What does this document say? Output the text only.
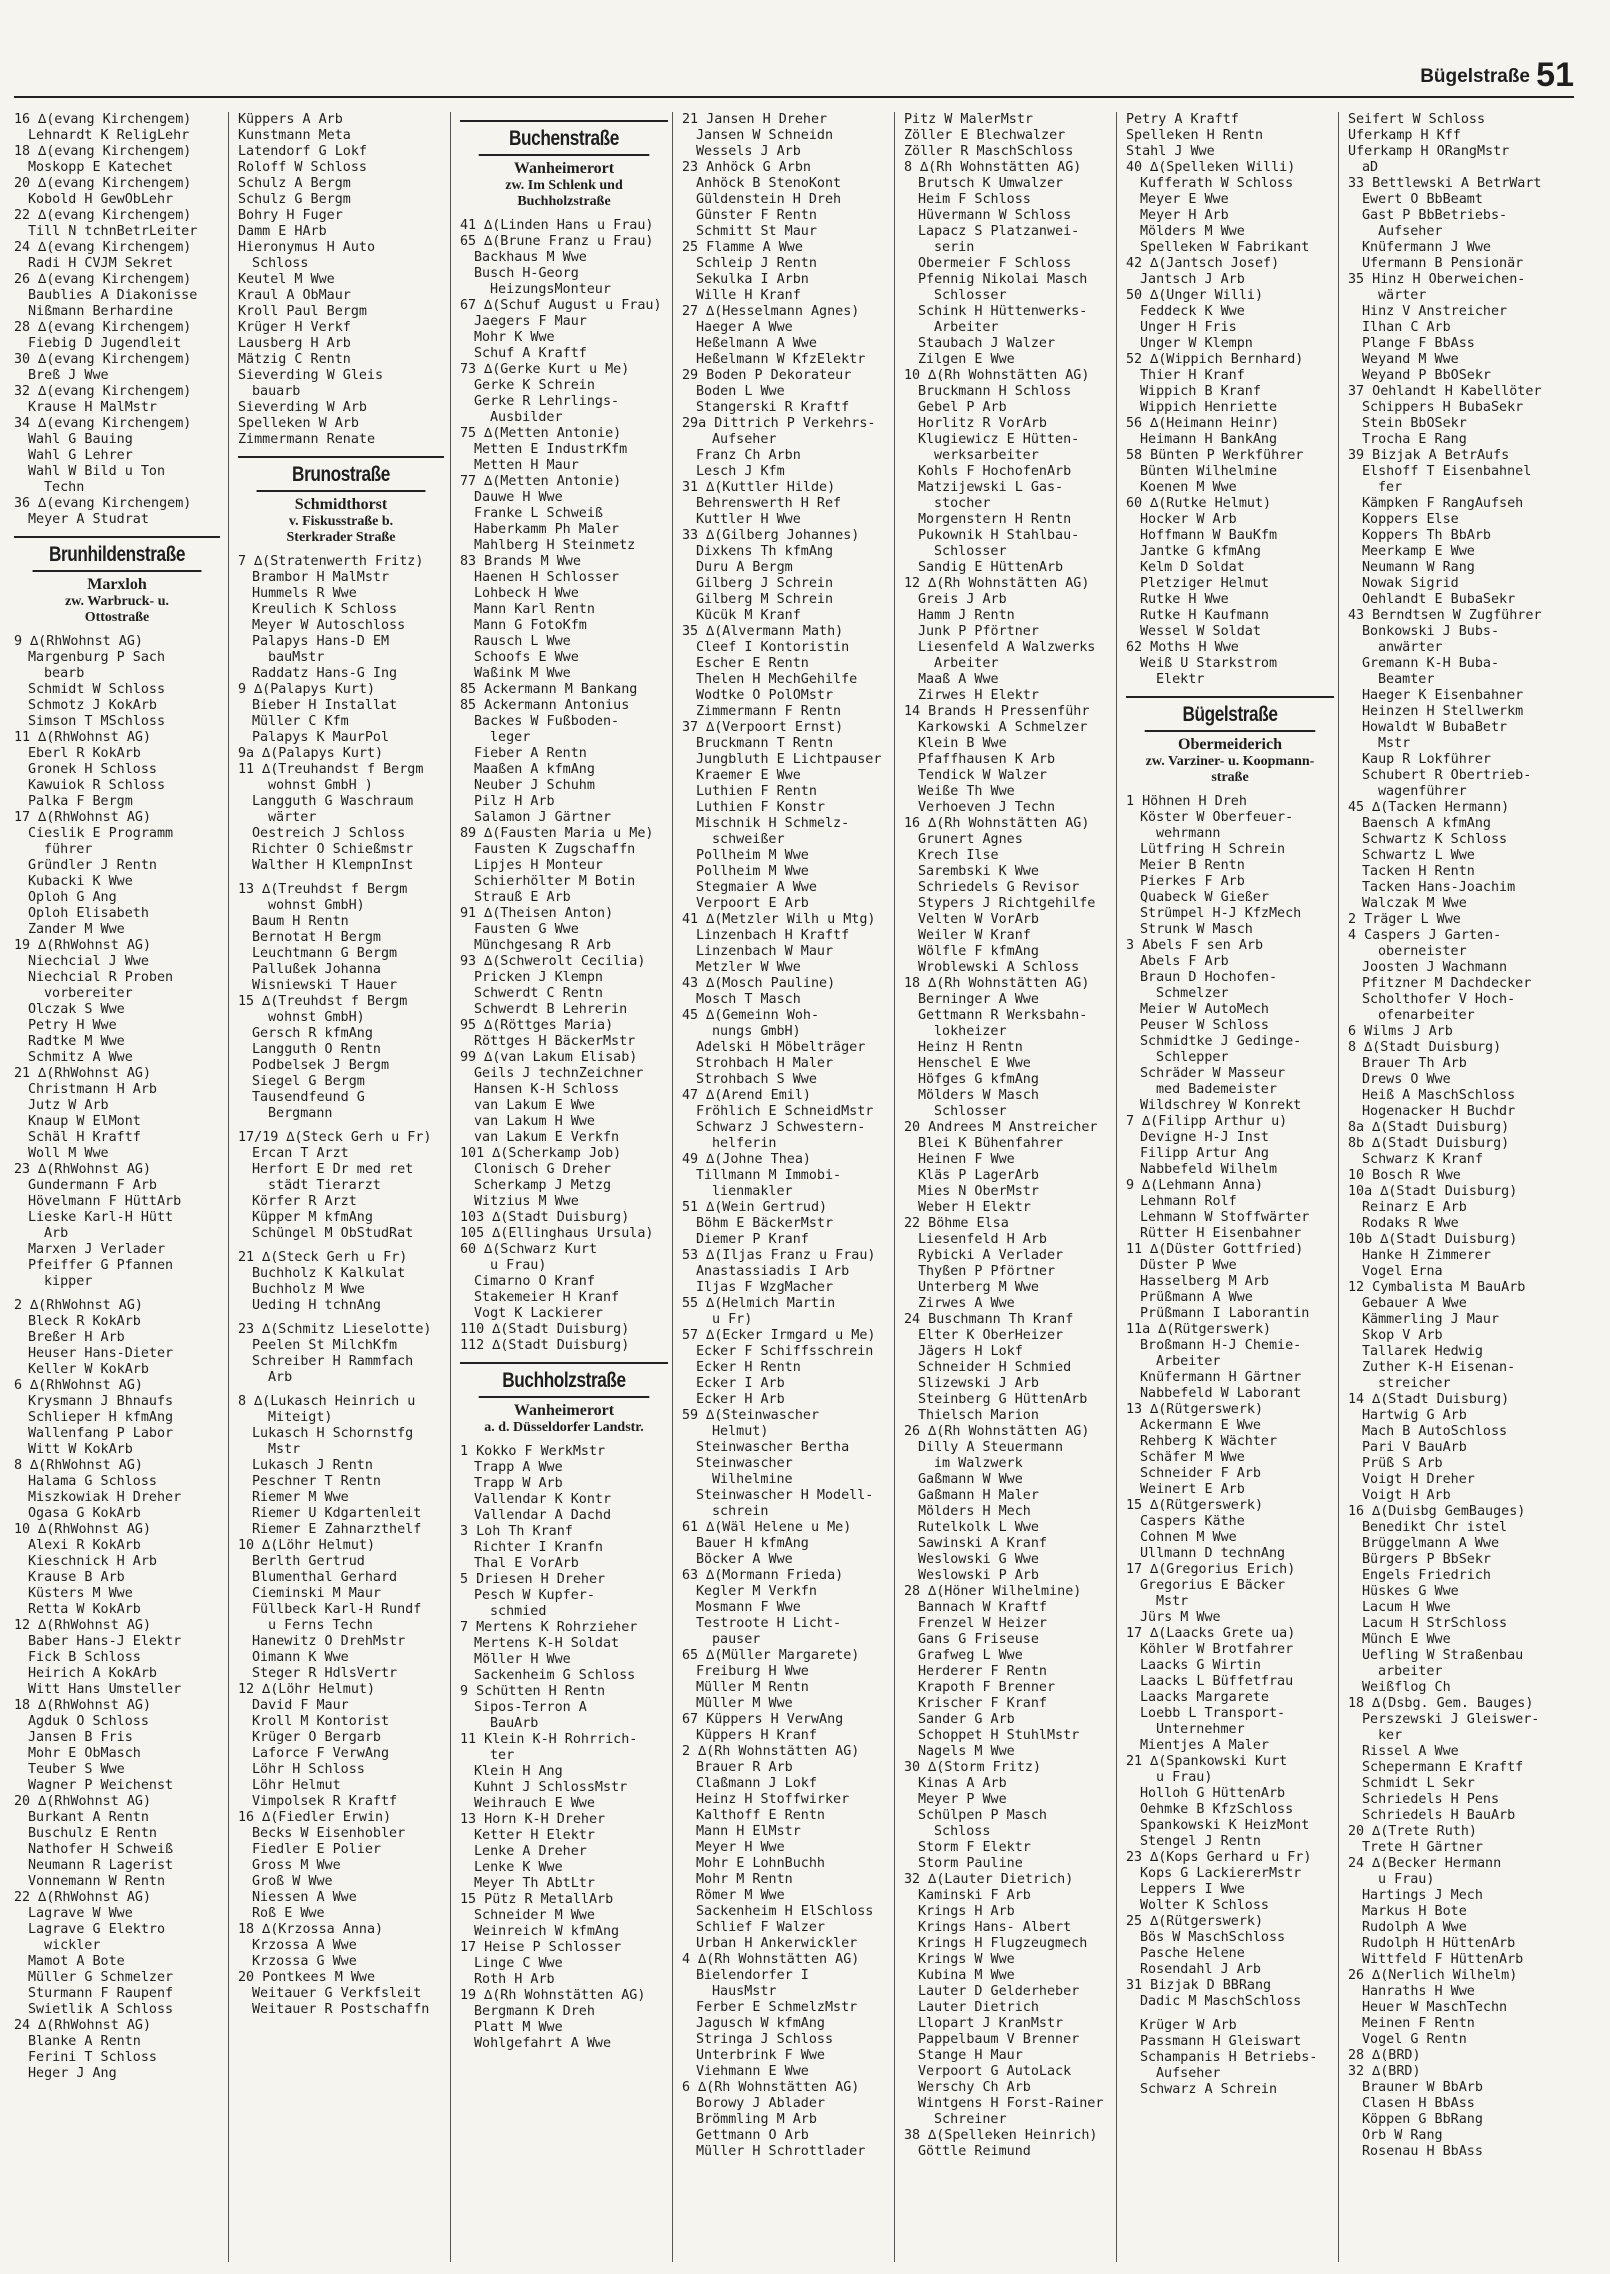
Bügelstraße 51
16 ∆(evang Kirchengem)
Lehnardt K ReligLehr
18 ∆(evang Kirchengem)
Moskopp E Katechet
20 ∆(evang Kirchengem)
Kobold H GewObLehr
22 ∆(evang Kirchengem)
Till N tchnBetrLeiter
24 ∆(evang Kirchengem)
Radi H CVJM Sekret
26 ∆(evang Kirchengem)
Baublies A Diakonisse
Nißmann Berhardine
28 ∆(evang Kirchengem)
Fiebig D Jugendleit
30 ∆(evang Kirchengem)
Breß J Wwe
32 ∆(evang Kirchengem)
Krause H MalMstr
34 ∆(evang Kirchengem)
Wahl G Bauing
Wahl G Lehrer
Wahl W Bild u Ton
Techn
36 ∆(evang Kirchengem)
Meyer A Studrat
Brunhildenstraße
Marxloh
zw. Warbruck- u.
Ottostraße
9 ∆(RhWohnst AG)
Margenburg P Sach
bearb
Schmidt W Schloss
Schmotz J KokArb
Simson T MSchloss
11 ∆(RhWohnst AG)
Eberl R KokArb
Gronek H Schloss
Kawuiok R Schloss
Palka F Bergm
17 ∆(RhWohnst AG)
Cieslik E Programm
führer
Gründler J Rentn
Kubacki K Wwe
Oploh G Ang
Oploh Elisabeth
Zander M Wwe
19 ∆(RhWohnst AG)
Niechcial J Wwe
Niechcial R Proben
vorbereiter
Olczak S Wwe
Petry H Wwe
Radtke M Wwe
Schmitz A Wwe
21 ∆(RhWohnst AG)
Christmann H Arb
Jutz W Arb
Knaup W ElMont
Schäl H Kraftf
Woll M Wwe
23 ∆(RhWohnst AG)
Gundermann F Arb
Hövelmann F HüttArb
Lieske Karl-H Hütt
Arb
Marxen J Verlader
Pfeiffer G Pfannen
kipper
2 ∆(RhWohnst AG)
Bleck R KokArb
Breßer H Arb
Heuser Hans-Dieter
Keller W KokArb
6 ∆(RhWohnst AG)
Krysmann J Bhnaufs
Schlieper H kfmAng
Wallenfang P Labor
Witt W KokArb
8 ∆(RhWohnst AG)
Halama G Schloss
Miszkowiak H Dreher
Ogasa G KokArb
10 ∆(RhWohnst AG)
Alexi R KokArb
Kieschnick H Arb
Krause B Arb
Küsters M Wwe
Retta W KokArb
12 ∆(RhWohnst AG)
Baber Hans-J Elektr
Fick B Schloss
Heirich A KokArb
Witt Hans Umsteller
18 ∆(RhWohnst AG)
Agduk O Schloss
Jansen B Fris
Mohr E ObMasch
Teuber S Wwe
Wagner P Weichenst
20 ∆(RhWohnst AG)
Burkant A Rentn
Buschulz E Rentn
Nathofer H Schweiß
Neumann R Lagerist
Vonnemann W Rentn
22 ∆(RhWohnst AG)
Lagrave W Wwe
Lagrave G Elektro
wickler
Mamot A Bote
Müller G Schmelzer
Sturmann F Raupenf
Swietlik A Schloss
24 ∆(RhWohnst AG)
Blanke A Rentn
Ferini T Schloss
Heger J Ang
Küppers A Arb
Kunstmann Meta
Latendorf G Lokf
Roloff W Schloss
Schulz A Bergm
Schulz G Bergm
Bohry H Fuger
Damm E HArb
Hieronymus H Auto
Schloss
Keutel M Wwe
Kraul A ObMaur
Kroll Paul Bergm
Krüger H Verkf
Lausberg H Arb
Mätzig C Rentn
Sieverding W Gleis
bauarb
Sieverding W Arb
Spelleken W Arb
Zimmermann Renate
Brunostraße
Schmidthorst
v. Fiskusstraße b.
Sterkrader Straße
7 ∆(Stratenwerth Fritz)
Brambor H MalMstr
Hummels R Wwe
Kreulich K Schloss
Meyer W Autoschloss
Palapys Hans-D EM
bauMstr
Raddatz Hans-G Ing
9 ∆(Palapys Kurt)
Bieber H Installat
Müller C Kfm
Palapys K MaurPol
9a ∆(Palapys Kurt)
11 ∆(Treuhandst f Bergm
wohnst GmbH )
Langguth G Waschraum
wärter
Oestreich J Schloss
Richter O Schießmstr
Walther H KlempnInst
13 ∆(Treuhdst f Bergm
wohnst GmbH)
Baum H Rentn
Bernotat H Bergm
Leuchtmann G Bergm
Pallußek Johanna
Wisniewski T Hauer
15 ∆(Treuhdst f Bergm
wohnst GmbH)
Gersch R kfmAng
Langguth O Rentn
Podbelsek J Bergm
Siegel G Bergm
Tausendfeund G
Bergmann
17/19 ∆(Steck Gerh u Fr)
Ercan T Arzt
Herfort E Dr med ret
städt Tierarzt
Körfer R Arzt
Küpper M kfmAng
Schüngel M ObStudRat
21 ∆(Steck Gerh u Fr)
Buchholz K Kalkulat
Buchholz M Wwe
Ueding H tchnAng
23 ∆(Schmitz Lieselotte)
Peelen St MilchKfm
Schreiber H Rammfach
Arb
8 ∆(Lukasch Heinrich u
Miteigt)
Lukasch H Schornstfg
Mstr
Lukasch J Rentn
Peschner T Rentn
Riemer M Wwe
Riemer U Kdgartenleit
Riemer E Zahnarzthelf
10 ∆(Löhr Helmut)
Berlth Gertrud
Blumenthal Gerhard
Cieminski M Maur
Füllbeck Karl-H Rundf
u Ferns Techn
Hanewitz O DrehMstr
Oimann K Wwe
Steger R HdlsVertr
12 ∆(Löhr Helmut)
David F Maur
Kroll M Kontorist
Krüger O Bergarb
Laforce F VerwAng
Löhr H Schloss
Löhr Helmut
Vimpolsek R Kraftf
16 ∆(Fiedler Erwin)
Becks W Eisenhobler
Fiedler E Polier
Gross M Wwe
Groß W Wwe
Niessen A Wwe
Roß E Wwe
18 ∆(Krzossa Anna)
Krzossa A Wwe
Krzossa G Wwe
20 Pontkees M Wwe
Weitauer G Verkfsleit
Weitauer R Postschaffn
Buchenstraße
Wanheimerort
zw. Im Schlenk und
Buchholzstraße
41 ∆(Linden Hans u Frau)
65 ∆(Brune Franz u Frau)
Backhaus M Wwe
Busch H-Georg
HeizungsMonteur
67 ∆(Schuf August u Frau)
Jaegers F Maur
Mohr K Wwe
Schuf A Kraftf
73 ∆(Gerke Kurt u Me)
Gerke K Schrein
Gerke R Lehrlings-
Ausbilder
75 ∆(Metten Antonie)
Metten E IndustrKfm
Metten H Maur
77 ∆(Metten Antonie)
Dauwe H Wwe
Franke L Schweiß
Haberkamm Ph Maler
Mahlberg H Steinmetz
83 Brands M Wwe
Haenen H Schlosser
Lohbeck H Wwe
Mann Karl Rentn
Mann G FotoKfm
Rausch L Wwe
Schoofs E Wwe
Waßink M Wwe
85 Ackermann M Bankang
85 Ackermann Antonius
Backes W Fußboden-
leger
Fieber A Rentn
Maaßen A kfmAng
Neuber J Schuhm
Pilz H Arb
Salamon J Gärtner
89 ∆(Fausten Maria u Me)
Fausten K Zugschaffn
Lipjes H Monteur
Schierhölter M Botin
Strauß E Arb
91 ∆(Theisen Anton)
Fausten G Wwe
Münchgesang R Arb
93 ∆(Schwerolt Cecilia)
Pricken J Klempn
Schwerdt C Rentn
Schwerdt B Lehrerin
95 ∆(Röttges Maria)
Röttges H BäckerMstr
99 ∆(van Lakum Elisab)
Geils J technZeichner
Hansen K-H Schloss
van Lakum E Wwe
van Lakum H Wwe
van Lakum E Verkfn
101 ∆(Scherkamp Job)
Clonisch G Dreher
Scherkamp J Metzg
Witzius M Wwe
103 ∆(Stadt Duisburg)
105 ∆(Ellinghaus Ursula)
60 ∆(Schwarz Kurt
u Frau)
Cimarno O Kranf
Stakemeier H Kranf
Vogt K Lackierer
110 ∆(Stadt Duisburg)
112 ∆(Stadt Duisburg)
Buchholzstraße
Wanheimerort
a. d. Düsseldorfer Landstr.
1 Kokko F WerkMstr
Trapp A Wwe
Trapp W Arb
Vallendar K Kontr
Vallendar A Dachd
3 Loh Th Kranf
Richter I Kranfn
Thal E VorArb
5 Driesen H Dreher
Pesch W Kupfer-
schmied
7 Mertens K Rohrzieher
Mertens K-H Soldat
Möller H Wwe
Sackenheim G Schloss
9 Schütten H Rentn
Sipos-Terron A
BauArb
11 Klein K-H Rohrrich-
ter
Klein H Ang
Kuhnt J SchlossMstr
Weihrauch E Wwe
13 Horn K-H Dreher
Ketter H Elektr
Lenke A Dreher
Lenke K Wwe
Meyer Th AbtLtr
15 Pütz R MetallArb
Schneider M Wwe
Weinreich W kfmAng
17 Heise P Schlosser
Linge C Wwe
Roth H Arb
19 ∆(Rh Wohnstätten AG)
Bergmann K Dreh
Platt M Wwe
Wohlgefahrt A Wwe
21 Jansen H Dreher
Jansen W Schneidn
Wessels J Arb
23 Anhöck G Arbn
Anhöck B StenoKont
Güldenstein H Dreh
Günster F Rentn
Schmitt St Maur
25 Flamme A Wwe
Schleip J Rentn
Sekulka I Arbn
Wille H Kranf
27 ∆(Hesselmann Agnes)
Haeger A Wwe
Heßelmann A Wwe
Heßelmann W KfzElektr
29 Boden P Dekorateur
Boden L Wwe
Stangerski R Kraftf
29a Dittrich P Verkehrs-
Aufseher
Franz Ch Arbn
Lesch J Kfm
31 ∆(Kuttler Hilde)
Behrenswerth H Ref
Kuttler H Wwe
33 ∆(Gilberg Johannes)
Dixkens Th kfmAng
Duru A Bergm
Gilberg J Schrein
Gilberg M Schrein
Kücük M Kranf
35 ∆(Alvermann Math)
Cleef I Kontoristin
Escher E Rentn
Thelen H MechGehilfe
Wodtke O PolOMstr
Zimmermann F Rentn
37 ∆(Verpoort Ernst)
Bruckmann T Rentn
Jungbluth E Lichtpauser
Kraemer E Wwe
Luthien F Rentn
Luthien F Konstr
Mischnik H Schmelz-
schweißer
Pollheim M Wwe
Pollheim M Wwe
Stegmaier A Wwe
Verpoort E Arb
41 ∆(Metzler Wilh u Mtg)
Linzenbach H Kraftf
Linzenbach W Maur
Metzler W Wwe
43 ∆(Mosch Pauline)
Mosch T Masch
45 ∆(Gemeinn Woh-
nungs GmbH)
Adelski H Möbelträger
Strohbach H Maler
Strohbach S Wwe
47 ∆(Arend Emil)
Fröhlich E SchneidMstr
Schwarz J Schwestern-
helferin
49 ∆(Johne Thea)
Tillmann M Immobi-
lienmakler
51 ∆(Wein Gertrud)
Böhm E BäckerMstr
Diemer P Kranf
53 ∆(Iljas Franz u Frau)
Anastassiadis I Arb
Iljas F WzgMacher
55 ∆(Helmich Martin
u Fr)
57 ∆(Ecker Irmgard u Me)
Ecker F Schiffsschrein
Ecker H Rentn
Ecker I Arb
Ecker H Arb
59 ∆(Steinwascher
Helmut)
Steinwascher Bertha
Steinwascher
Wilhelmine
Steinwascher H Modell-
schrein
61 ∆(Wäl Helene u Me)
Bauer H kfmAng
Böcker A Wwe
63 ∆(Mormann Frieda)
Kegler M Verkfn
Mosmann F Wwe
Testroote H Licht-
pauser
65 ∆(Müller Margarete)
Freiburg H Wwe
Müller M Rentn
Müller M Wwe
67 Küppers H VerwAng
Küppers H Kranf
2 ∆(Rh Wohnstätten AG)
Brauer R Arb
Claßmann J Lokf
Heinz H Stoffwirker
Kalthoff E Rentn
Mann H ElMstr
Meyer H Wwe
Mohr E LohnBuchh
Mohr M Rentn
Römer M Wwe
Sackenheim H ElSchloss
Schlief F Walzer
Urban H Ankerwickler
4 ∆(Rh Wohnstätten AG)
Bielendorfer I
HausMstr
Ferber E SchmelzMstr
Jagusch W kfmAng
Stringa J Schloss
Unterbrink F Wwe
Viehmann E Wwe
6 ∆(Rh Wohnstätten AG)
Borowy J Ablader
Brömmling M Arb
Gettmann O Arb
Müller H Schrottlader
Pitz W MalerMstr
Zöller E Blechwalzer
Zöller R MaschSchloss
8 ∆(Rh Wohnstätten AG)
Brutsch K Umwalzer
Heim F Schloss
Hüvermann W Schloss
Lapacz S Platzanwei-
serin
Obermeier F Schloss
Pfennig Nikolai Masch
Schlosser
Schink H Hüttenwerks-
Arbeiter
Staubach J Walzer
Zilgen E Wwe
10 ∆(Rh Wohnstätten AG)
Bruckmann H Schloss
Gebel P Arb
Horlitz R VorArb
Klugiewicz E Hütten-
werksarbeiter
Kohls F HochofenArb
Matzijewski L Gas-
stocher
Morgenstern H Rentn
Pukownik H Stahlbau-
Schlosser
Sandig E HüttenArb
12 ∆(Rh Wohnstätten AG)
Greis J Arb
Hamm J Rentn
Junk P Pförtner
Liesenfeld A Walzwerks
Arbeiter
Maaß A Wwe
Zirwes H Elektr
14 Brands H Pressenführ
Karkowski A Schmelzer
Klein B Wwe
Pfaffhausen K Arb
Tendick W Walzer
Weiße Th Wwe
Verhoeven J Techn
16 ∆(Rh Wohnstätten AG)
Grunert Agnes
Krech Ilse
Sarembski K Wwe
Schriedels G Revisor
Stypers J Richtgehilfe
Velten W VorArb
Weiler W Kranf
Wölfle F kfmAng
Wroblewski A Schloss
18 ∆(Rh Wohnstätten AG)
Berninger A Wwe
Gettmann R Werksbahn-
lokheizer
Heinz H Rentn
Henschel E Wwe
Höfges G kfmAng
Mölders W Masch
Schlosser
20 Andrees M Anstreicher
Blei K Bühenfahrer
Heinen F Wwe
Kläs P LagerArb
Mies N OberMstr
Weber H Elektr
22 Böhme Elsa
Liesenfeld H Arb
Rybicki A Verlader
Thyßen P Pförtner
Unterberg M Wwe
Zirwes A Wwe
24 Buschmann Th Kranf
Elter K OberHeizer
Jägers H Lokf
Schneider H Schmied
Slizewski J Arb
Steinberg G HüttenArb
Thielsch Marion
26 ∆(Rh Wohnstätten AG)
Dilly A Steuermann
im Walzwerk
Gaßmann W Wwe
Gaßmann H Maler
Mölders H Mech
Rutelkolk L Wwe
Sawinski A Kranf
Weslowski G Wwe
Weslowski P Arb
28 ∆(Höner Wilhelmine)
Bannach W Kraftf
Frenzel W Heizer
Gans G Friseuse
Grafweg L Wwe
Herderer F Rentn
Krapoth F Brenner
Krischer F Kranf
Sander G Arb
Schoppet H StuhlMstr
Nagels M Wwe
30 ∆(Storm Fritz)
Kinas A Arb
Meyer P Wwe
Schülpen P Masch
Schloss
Storm F Elektr
Storm Pauline
32 ∆(Lauter Dietrich)
Kaminski F Arb
Krings H Arb
Krings Hans- Albert
Krings H Flugzeugmech
Krings W Wwe
Kubina M Wwe
Lauter D Gelderheber
Lauter Dietrich
Llopart J KranMstr
Pappelbaum V Brenner
Stange H Maur
Verpoort G AutoLack
Werschy Ch Arb
Wintgens H Forst-Rainer
Schreiner
38 ∆(Spelleken Heinrich)
Göttle Reimund
Petry A Kraftf
Spelleken H Rentn
Stahl J Wwe
40 ∆(Spelleken Willi)
Kufferath W Schloss
Meyer E Wwe
Meyer H Arb
Mölders M Wwe
Spelleken W Fabrikant
42 ∆(Jantsch Josef)
Jantsch J Arb
50 ∆(Unger Willi)
Feddeck K Wwe
Unger H Fris
Unger W Klempn
52 ∆(Wippich Bernhard)
Thier H Kranf
Wippich B Kranf
Wippich Henriette
56 ∆(Heimann Heinr)
Heimann H BankAng
58 Bünten P Werkführer
Bünten Wilhelmine
Koenen M Wwe
60 ∆(Rutke Helmut)
Hocker W Arb
Hoffmann W BauKfm
Jantke G kfmAng
Kelm D Soldat
Pletziger Helmut
Rutke H Wwe
Rutke H Kaufmann
Wessel W Soldat
62 Moths H Wwe
Weiß U Starkstrom
Elektr
Bügelstraße
Obermeiderich
zw. Varziner- u. Koopmann-
straße
1 Höhnen H Dreh
Köster W Oberfeuer-
wehrmann
Lütfring H Schrein
Meier B Rentn
Pierkes F Arb
Quabeck W Gießer
Strümpel H-J KfzMech
Strunk W Masch
3 Abels F sen Arb
Abels F Arb
Braun D Hochofen-
Schmelzer
Meier W AutoMech
Peuser W Schloss
Schmidtke J Gedinge-
Schlepper
Schräder W Masseur
med Bademeister
Wildschrey W Konrekt
7 ∆(Filipp Arthur u)
Devigne H-J Inst
Filipp Artur Ang
Nabbefeld Wilhelm
9 ∆(Lehmann Anna)
Lehmann Rolf
Lehmann W Stoffwärter
Rütter H Eisenbahner
11 ∆(Düster Gottfried)
Düster P Wwe
Hasselberg M Arb
Prüßmann A Wwe
Prüßmann I Laborantin
11a ∆(Rütgerswerk)
Broßmann H-J Chemie-
Arbeiter
Knüfermann H Gärtner
Nabbefeld W Laborant
13 ∆(Rütgerswerk)
Ackermann E Wwe
Rehberg K Wächter
Schäfer M Wwe
Schneider F Arb
Weinert E Arb
15 ∆(Rütgerswerk)
Caspers Käthe
Cohnen M Wwe
Ullmann D technAng
17 ∆(Gregorius Erich)
Gregorius E Bäcker
Mstr
Jürs M Wwe
17 ∆(Laacks Grete ua)
Köhler W Brotfahrer
Laacks G Wirtin
Laacks L Büffetfrau
Laacks Margarete
Loebb L Transport-
Unternehmer
Mientjes A Maler
21 ∆(Spankowski Kurt
u Frau)
Holloh G HüttenArb
Oehmke B KfzSchloss
Spankowski K HeizMont
Stengel J Rentn
23 ∆(Kops Gerhard u Fr)
Kops G LackiererMstr
Leppers I Wwe
Wolter K Schloss
25 ∆(Rütgerswerk)
Bös W MaschSchloss
Pasche Helene
Rosendahl J Arb
31 Bizjak D BBRang
Dadic M MaschSchloss
Krüger W Arb
Passmann H Gleiswart
Schampanis H Betriebs-
Aufseher
Schwarz A Schrein
Seifert W Schloss
Uferkamp H Kff
Uferkamp H ORangMstr
aD
33 Bettlewski A BetrWart
Ewert O BbBeamt
Gast P BbBetriebs-
Aufseher
Knüfermann J Wwe
Ufermann B Pensionär
35 Hinz H Oberweichen-
wärter
Hinz V Anstreicher
Ilhan C Arb
Plange F BbAss
Weyand M Wwe
Weyand P BbOSekr
37 Oehlandt H Kabellöter
Schippers H BubaSekr
Stein BbOSekr
Trocha E Rang
39 Bizjak A BetrAufs
Elshoff T Eisenbahnel
fer
Kämpken F RangAufseh
Koppers Else
Koppers Th BbArb
Meerkamp E Wwe
Neumann W Rang
Nowak Sigrid
Oehlandt E BubaSekr
43 Berndtsen W Zugführer
Bonkowski J Bubs-
anwärter
Gremann K-H Buba-
Beamter
Haeger K Eisenbahner
Heinzen H Stellwerkm
Howaldt W BubaBetr
Mstr
Kaup R Lokführer
Schubert R Obertrieb-
wagenführer
45 ∆(Tacken Hermann)
Baensch A kfmAng
Schwartz K Schloss
Schwartz L Wwe
Tacken H Rentn
Tacken Hans-Joachim
Walczak M Wwe
2 Träger L Wwe
4 Caspers J Garten-
oberneister
Joosten J Wachmann
Pfitzner M Dachdecker
Scholthofer V Hoch-
ofenarbeiter
6 Wilms J Arb
8 ∆(Stadt Duisburg)
Brauer Th Arb
Drews O Wwe
Heiß A MaschSchloss
Hogenacker H Buchdr
8a ∆(Stadt Duisburg)
8b ∆(Stadt Duisburg)
Schwarz K Kranf
10 Bosch R Wwe
10a ∆(Stadt Duisburg)
Reinarz E Arb
Rodaks R Wwe
10b ∆(Stadt Duisburg)
Hanke H Zimmerer
Vogel Erna
12 Cymbalista M BauArb
Gebauer A Wwe
Kämmerling J Maur
Skop V Arb
Tallarek Hedwig
Zuther K-H Eisenan-
streicher
14 ∆(Stadt Duisburg)
Hartwig G Arb
Mach B AutoSchloss
Pari V BauArb
Prüß S Arb
Voigt H Dreher
Voigt H Arb
16 ∆(Duisbg GemBauges)
Benedikt Chr istel
Brüggelmann A Wwe
Bürgers P BbSekr
Engels Friedrich
Hüskes G Wwe
Lacum H Wwe
Lacum H StrSchloss
Münch E Wwe
Uefling W Straßenbau
arbeiter
Weißflog Ch
18 ∆(Dsbg. Gem. Bauges)
Perszewski J Gleiswer-
ker
Rissel A Wwe
Schepermann E Kraftf
Schmidt L Sekr
Schriedels H Pens
Schriedels H BauArb
20 ∆(Trete Ruth)
Trete H Gärtner
24 ∆(Becker Hermann
u Frau)
Hartings J Mech
Markus H Bote
Rudolph A Wwe
Rudolph H HüttenArb
Wittfeld F HüttenArb
26 ∆(Nerlich Wilhelm)
Hanraths H Wwe
Heuer W MaschTechn
Meinen F Rentn
Vogel G Rentn
28 ∆(BRD)
32 ∆(BRD)
Brauner W BbArb
Clasen H BbAss
Köppen G BbRang
Orb W Rang
Rosenau H BbAss
